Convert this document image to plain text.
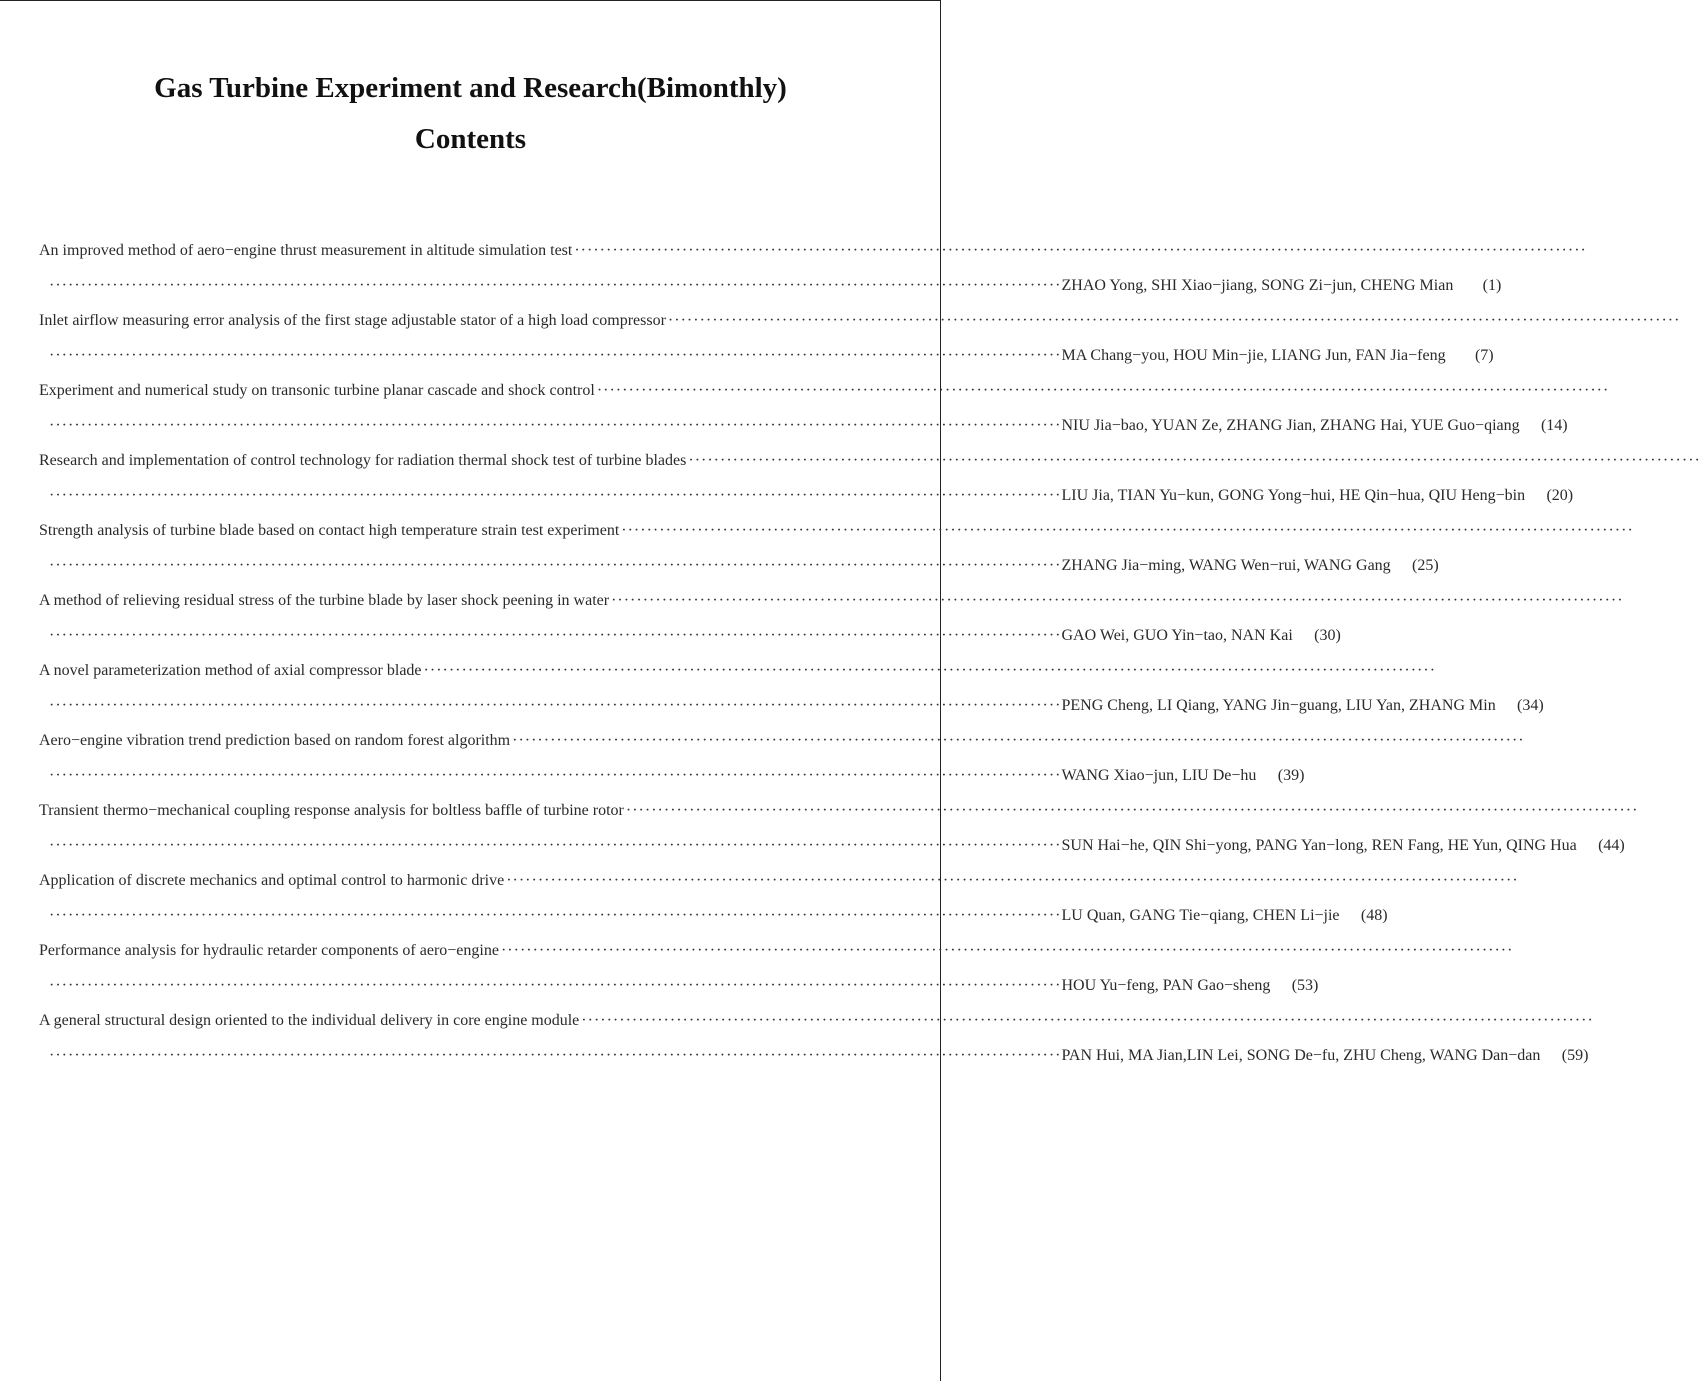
Gas Turbine Experiment and Research(Bimonthly)
Contents
An improved method of aero−engine thrust measurement in altitude simulation test ································································································································································
································································································································································ ZHAO Yong, SHI Xiao−jiang, SONG Zi−jun, CHENG Mian	(1)
Inlet airflow measuring error analysis of the first stage adjustable stator of a high load compressor ································································································································································
································································································································································ MA Chang−you, HOU Min−jie, LIANG Jun, FAN Jia−feng	(7)
Experiment and numerical study on transonic turbine planar cascade and shock control ································································································································································
································································································································································ NIU Jia−bao, YUAN Ze, ZHANG Jian, ZHANG Hai, YUE Guo−qiang	(14)
Research and implementation of control technology for radiation thermal shock test of turbine blades ································································································································································
································································································································································ LIU Jia, TIAN Yu−kun, GONG Yong−hui, HE Qin−hua, QIU Heng−bin	(20)
Strength analysis of turbine blade based on contact high temperature strain test experiment ································································································································································
································································································································································ ZHANG Jia−ming, WANG Wen−rui, WANG Gang	(25)
A method of relieving residual stress of the turbine blade by laser shock peening in water ································································································································································
································································································································································ GAO Wei, GUO Yin−tao, NAN Kai	(30)
A novel parameterization method of axial compressor blade ································································································································································
································································································································································ PENG Cheng, LI Qiang, YANG Jin−guang, LIU Yan, ZHANG Min	(34)
Aero−engine vibration trend prediction based on random forest algorithm ································································································································································
································································································································································ WANG Xiao−jun, LIU De−hu	(39)
Transient thermo−mechanical coupling response analysis for boltless baffle of turbine rotor ································································································································································
································································································································································ SUN Hai−he, QIN Shi−yong, PANG Yan−long, REN Fang, HE Yun, QING Hua	(44)
Application of discrete mechanics and optimal control to harmonic drive ································································································································································
································································································································································ LU Quan, GANG Tie−qiang, CHEN Li−jie	(48)
Performance analysis for hydraulic retarder components of aero−engine ································································································································································
································································································································································ HOU Yu−feng, PAN Gao−sheng	(53)
A general structural design oriented to the individual delivery in core engine module ································································································································································
································································································································································ PAN Hui, MA Jian,LIN Lei, SONG De−fu, ZHU Cheng, WANG Dan−dan	(59)
